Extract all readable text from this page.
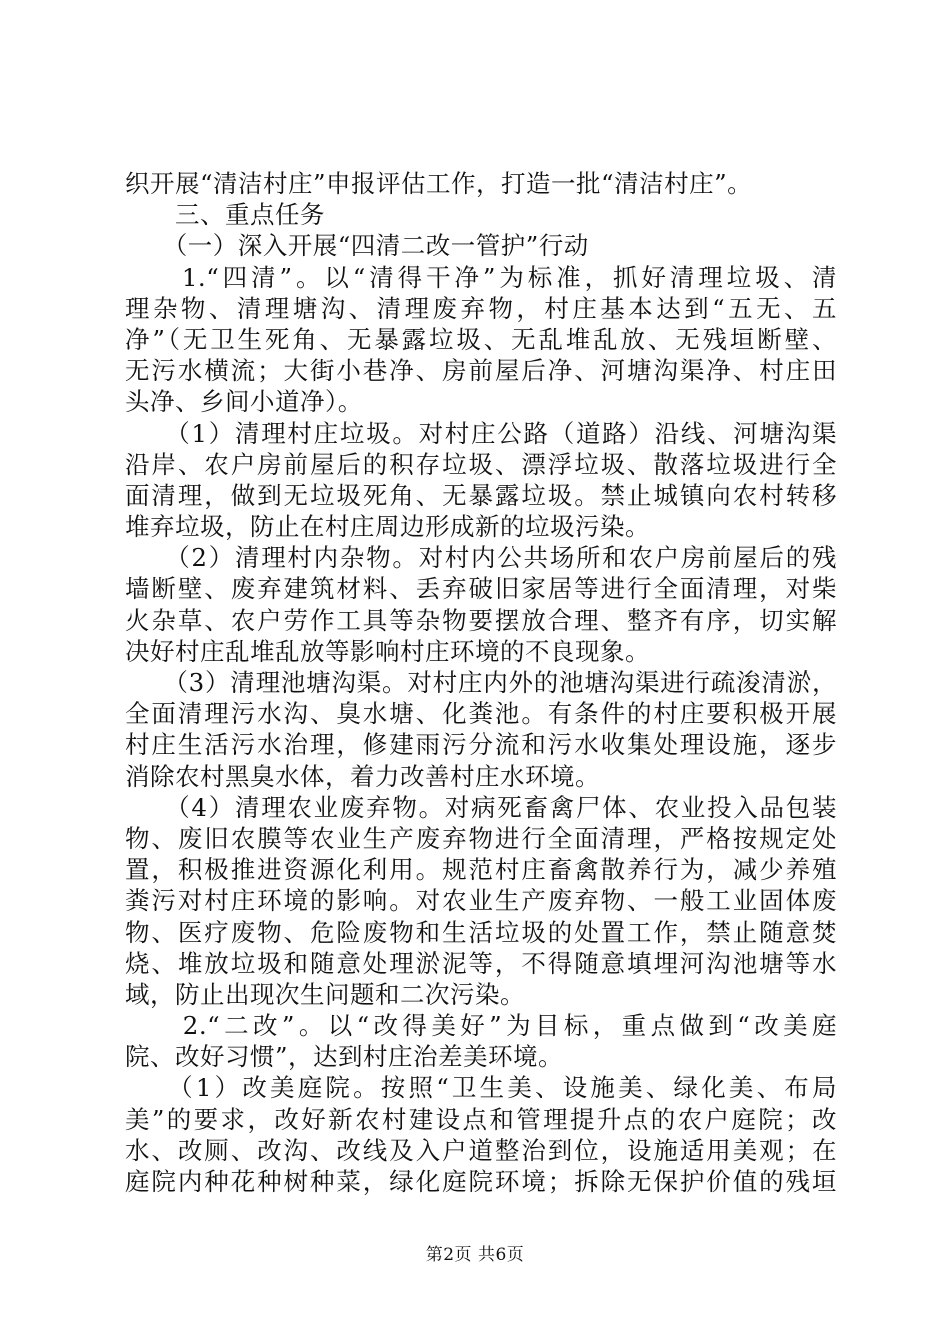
织开展“清洁村庄”申报评估工作，打造一批“清洁村庄”。
　　三、重点任务
　　（一）深入开展“四清二改一管护”行动
　　1.“四清”。以“清得干净”为标准，抓好清理垃圾、清
理杂物、清理塘沟、清理废弃物，村庄基本达到“五无、五
净”（无卫生死角、无暴露垃圾、无乱堆乱放、无残垣断壁、
无污水横流；大街小巷净、房前屋后净、河塘沟渠净、村庄田
头净、乡间小道净）。
　　（1）清理村庄垃圾。对村庄公路（道路）沿线、河塘沟渠
沿岸、农户房前屋后的积存垃圾、漂浮垃圾、散落垃圾进行全
面清理，做到无垃圾死角、无暴露垃圾。禁止城镇向农村转移
堆弃垃圾，防止在村庄周边形成新的垃圾污染。
　　（2）清理村内杂物。对村内公共场所和农户房前屋后的残
墙断壁、废弃建筑材料、丢弃破旧家居等进行全面清理，对柴
火杂草、农户劳作工具等杂物要摆放合理、整齐有序，切实解
决好村庄乱堆乱放等影响村庄环境的不良现象。
　　（3）清理池塘沟渠。对村庄内外的池塘沟渠进行疏浚清淤，
全面清理污水沟、臭水塘、化粪池。有条件的村庄要积极开展
村庄生活污水治理，修建雨污分流和污水收集处理设施，逐步
消除农村黑臭水体，着力改善村庄水环境。
　　（4）清理农业废弃物。对病死畜禽尸体、农业投入品包装
物、废旧农膜等农业生产废弃物进行全面清理，严格按规定处
置，积极推进资源化利用。规范村庄畜禽散养行为，减少养殖
粪污对村庄环境的影响。对农业生产废弃物、一般工业固体废
物、医疗废物、危险废物和生活垃圾的处置工作，禁止随意焚
烧、堆放垃圾和随意处理淤泥等，不得随意填埋河沟池塘等水
域，防止出现次生问题和二次污染。
　　2.“二改”。以“改得美好”为目标，重点做到“改美庭
院、改好习惯”，达到村庄治差美环境。
　　（1）改美庭院。按照“卫生美、设施美、绿化美、布局
美”的要求，改好新农村建设点和管理提升点的农户庭院；改
水、改厕、改沟、改线及入户道整治到位，设施适用美观；在
庭院内种花种树种菜，绿化庭院环境；拆除无保护价值的残垣
第2页 共6页
